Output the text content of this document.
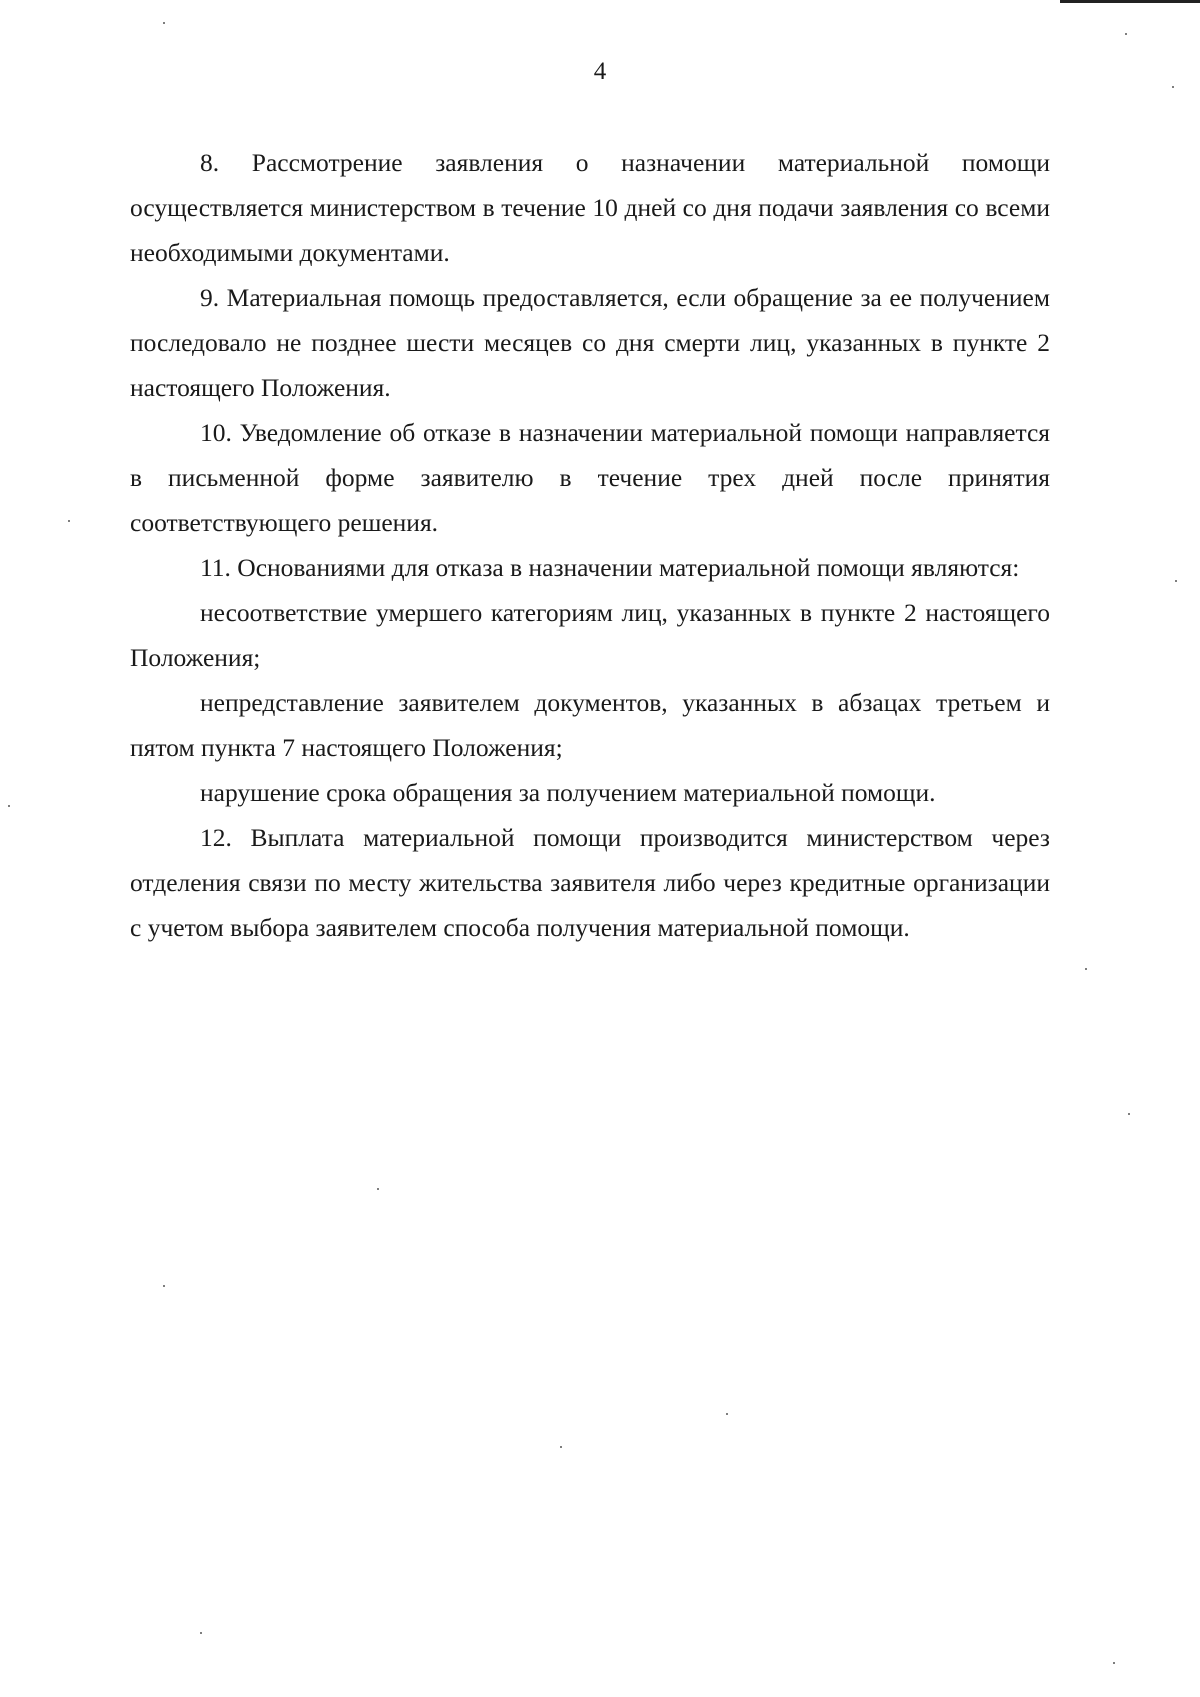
4

8. Рассмотрение заявления о назначении материальной помощи осуществляется министерством в течение 10 дней со дня подачи заявления со всеми необходимыми документами.

9. Материальная помощь предоставляется, если обращение за ее получением последовало не позднее шести месяцев со дня смерти лиц, указанных в пункте 2 настоящего Положения.

10. Уведомление об отказе в назначении материальной помощи направляется в письменной форме заявителю в течение трех дней после принятия соответствующего решения.

11. Основаниями для отказа в назначении материальной помощи являются:

несоответствие умершего категориям лиц, указанных в пункте 2 настоящего Положения;

непредставление заявителем документов, указанных в абзацах третьем и пятом пункта 7 настоящего Положения;

нарушение срока обращения за получением материальной помощи.

12. Выплата материальной помощи производится министерством через отделения связи по месту жительства заявителя либо через кредитные организации с учетом выбора заявителем способа получения материальной помощи.
